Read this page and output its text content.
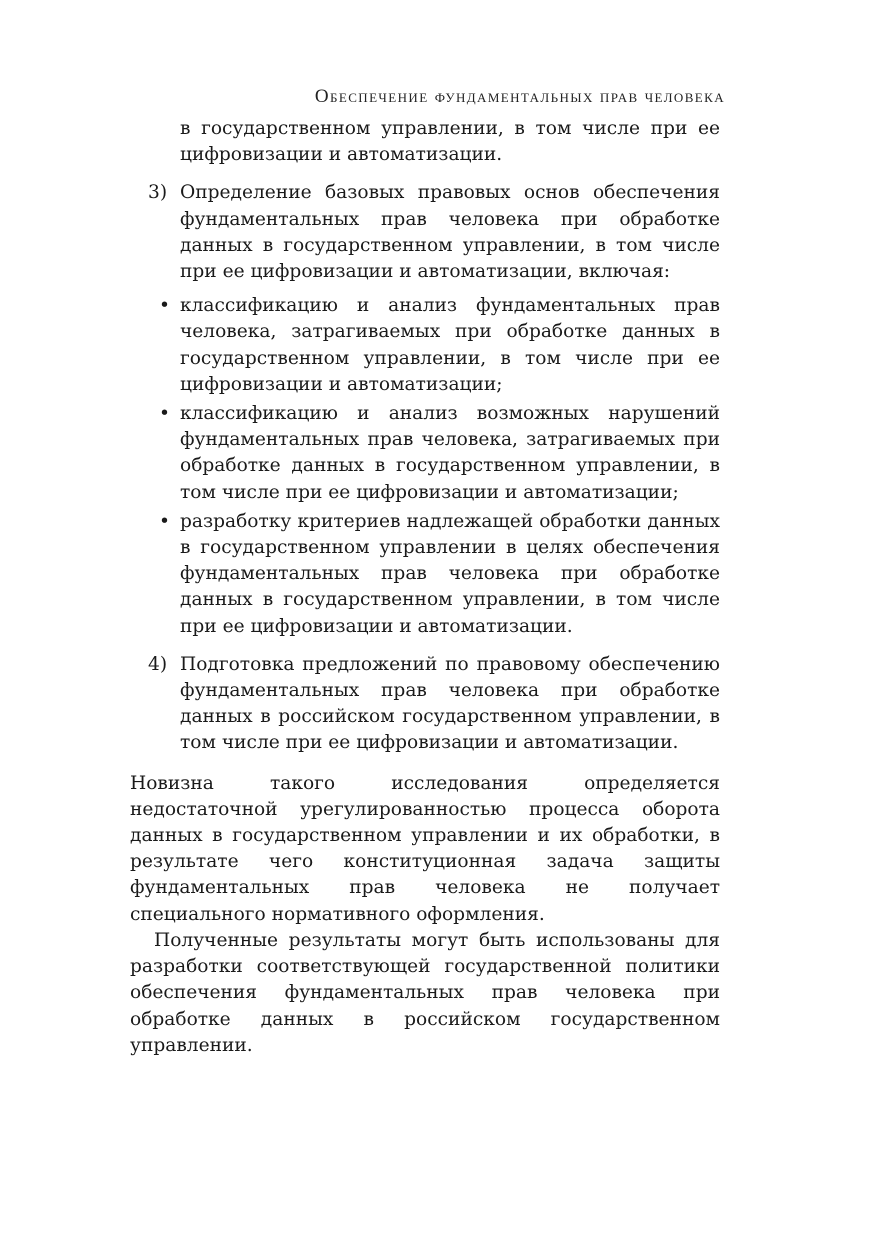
Обеспечение фундаментальных прав человека

в государственном управлении, в том числе при ее цифровизации и автоматизации.

3) Определение базовых правовых основ обеспечения фундаментальных прав человека при обработке данных в государственном управлении, в том числе при ее цифровизации и автоматизации, включая:
• классификацию и анализ фундаментальных прав человека, затрагиваемых при обработке данных в государственном управлении, в том числе при ее цифровизации и автоматизации;
• классификацию и анализ возможных нарушений фундаментальных прав человека, затрагиваемых при обработке данных в государственном управлении, в том числе при ее цифровизации и автоматизации;
• разработку критериев надлежащей обработки данных в государственном управлении в целях обеспечения фундаментальных прав человека при обработке данных в государственном управлении, в том числе при ее цифровизации и автоматизации.
4) Подготовка предложений по правовому обеспечению фундаментальных прав человека при обработке данных в российском государственном управлении, в том числе при ее цифровизации и автоматизации.

Новизна такого исследования определяется недостаточной урегулированностью процесса оборота данных в государственном управлении и их обработки, в результате чего конституционная задача защиты фундаментальных прав человека не получает специального нормативного оформления.

Полученные результаты могут быть использованы для разработки соответствующей государственной политики обеспечения фундаментальных прав человека при обработке данных в российском государственном управлении.
